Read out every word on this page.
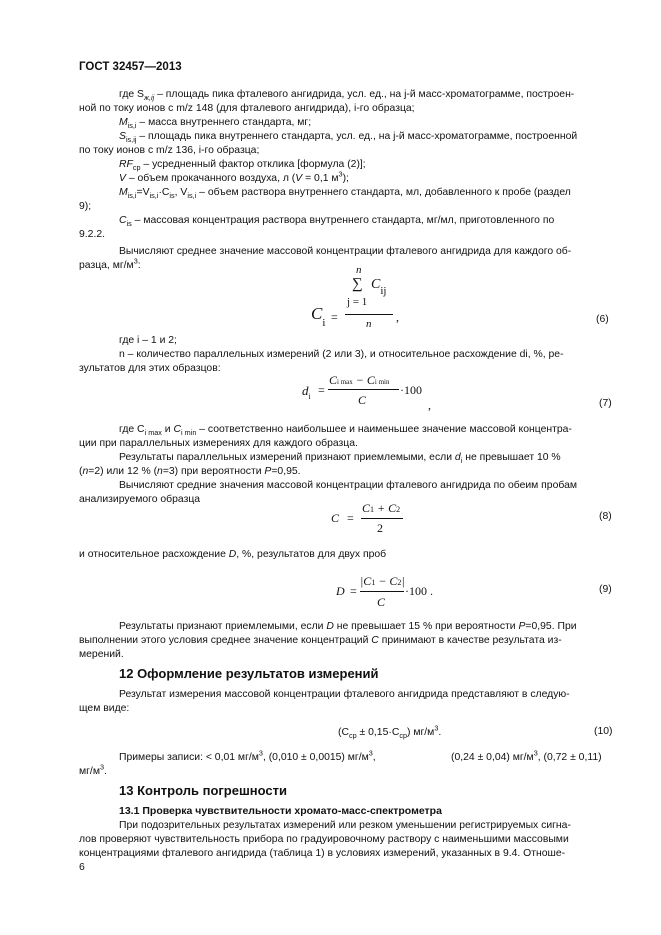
ГОСТ 32457—2013
где $S_{ж,ij}$ – площадь пика фталевого ангидрида, усл. ед., на j-й масс-хроматограмме, построен-
ной по току ионов с m/z 148 (для фталевого ангидрида), i-го образца;
$M_{is,i}$ – масса внутреннего стандарта, мг;
$S_{is,ij}$ – площадь пика внутреннего стандарта, усл. ед., на j-й масс-хроматограмме, построенной
по току ионов с m/z 136, i-го образца;
$RF_{ср}$ – усредненный фактор отклика [формула (2)];
V – объем прокачанного воздуха, л (V = 0,1 $м^3$);
$M_{is,i}=V_{is,i}\cdot C_{is}$, $V_{is,i}$ – объем раствора внутреннего стандарта, мл, добавленного к пробе (раздел
9);
$C_{is}$ – массовая концентрация раствора внутреннего стандарта, мг/мл, приготовленного по
9.2.2.
Вычисляют среднее значение массовой концентрации фталевого ангидрида для каждого об-
разца, $мг/м^3$:	n
∑ $C_{ij}$
j = 1
$C_i$ =	n ,	(6)
где i – 1 и 2;
n – количество параллельных измерений (2 или 3), и относительное расхождение di, %, ре-
зультатов для этих образцов:
$d_i$ =
Ci max − Ci min
·100
C	,	(7)
где $C_{i max}$ и $C_{i min}$ – соответственно наибольшее и наименьшее значение массовой концентра-
ции при параллельных измерениях для каждого образца.
Результаты параллельных измерений признают приемлемыми, если $d_i$ не превышает 10 %
(n=2) или 12 % (n=3) при вероятности P=0,95.
Вычисляют средние значения массовой концентрации фталевого ангидрида по обеим пробам
анализируемого образца
C =
C1 + C2
2
(8)
и относительное расхождение D, %, результатов для двух проб
D =
|C1 − C2|
·100 .
C
(9)
Результаты признают приемлемыми, если D не превышает 15 % при вероятности P=0,95. При
выполнении этого условия среднее значение концентраций C принимают в качестве результата из-
мерений.
12 Оформление результатов измерений
Результат измерения массовой концентрации фталевого ангидрида представляют в следую-
щем виде:
$(C_{ср} \pm 0,15\cdot C_{ср})$ $мг/м^3$.	(10)
Примеры записи: < 0,01 $мг/м^3$, (0,010 ± 0,0015) $мг/м^3$,	(0,24 ± 0,04) $мг/м^3$, (0,72 ± 0,11)
$мг/м^3$.
13 Контроль погрешности
13.1 Проверка чувствительности хромато-масс-спектрометра
При подозрительных результатах измерений или резком уменьшении регистрируемых сигна-
лов проверяют чувствительность прибора по градуировочному раствору с наименьшими массовыми
концентрациями фталевого ангидрида (таблица 1) в условиях измерений, указанных в 9.4. Отноше-
6
